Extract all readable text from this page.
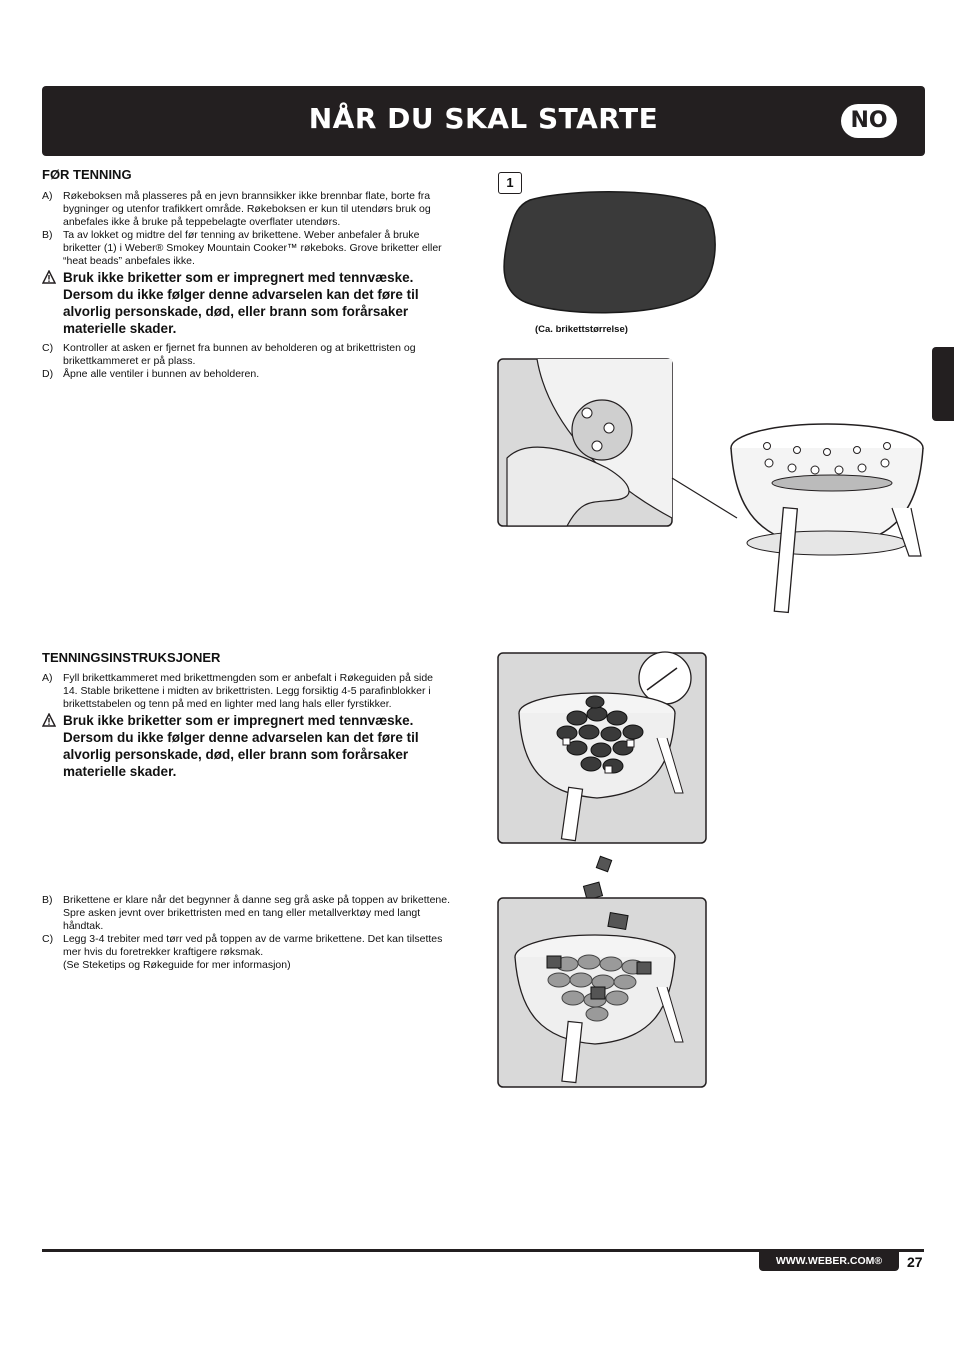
NÅR DU SKAL STARTE	NO
FØR TENNING
A) Røkeboksen må plasseres på en jevn brannsikker ikke brennbar flate, borte fra
bygninger og utenfor trafikkert område. Røkeboksen er kun til utendørs bruk og
anbefales ikke å bruke på teppebelagte overflater utendørs.
B) Ta av lokket og midtre del før tenning av brikettene. Weber anbefaler å bruke
briketter (1) i Weber® Smokey Mountain Cooker™ røkeboks. Grove briketter eller
“heat beads” anbefales ikke.
Bruk ikke briketter som er impregnert med tennvæske.
Dersom du ikke følger denne advarselen kan det føre til
alvorlig personskade, død, eller brann som forårsaker
materielle skader.
C) Kontroller at asken er fjernet fra bunnen av beholderen og at brikettristen og
brikettkammeret er på plass.
D) Åpne alle ventiler i bunnen av beholderen.
TENNINGSINSTRUKSJONER
A) Fyll brikettkammeret med brikettmengden som er anbefalt i Røkeguiden på side
14. Stable brikettene i midten av brikettristen. Legg forsiktig 4-5 parafinblokker i
brikettstabelen og tenn på med en lighter med lang hals eller fyrstikker.
Bruk ikke briketter som er impregnert med tennvæske.
Dersom du ikke følger denne advarselen kan det føre til
alvorlig personskade, død, eller brann som forårsaker
materielle skader.
B) Brikettene er klare når det begynner å danne seg grå aske på toppen av brikettene.
Spre asken jevnt over brikettristen med en tang eller metallverktøy med langt
håndtak.
C) Legg 3-4 trebiter med tørr ved på toppen av de varme brikettene. Det kan tilsettes
mer hvis du foretrekker kraftigere røksmak.
(Se Steketips og Røkeguide for mer informasjon)
1
(Ca. brikettstørrelse)
WWW.WEBER.COM®	27
